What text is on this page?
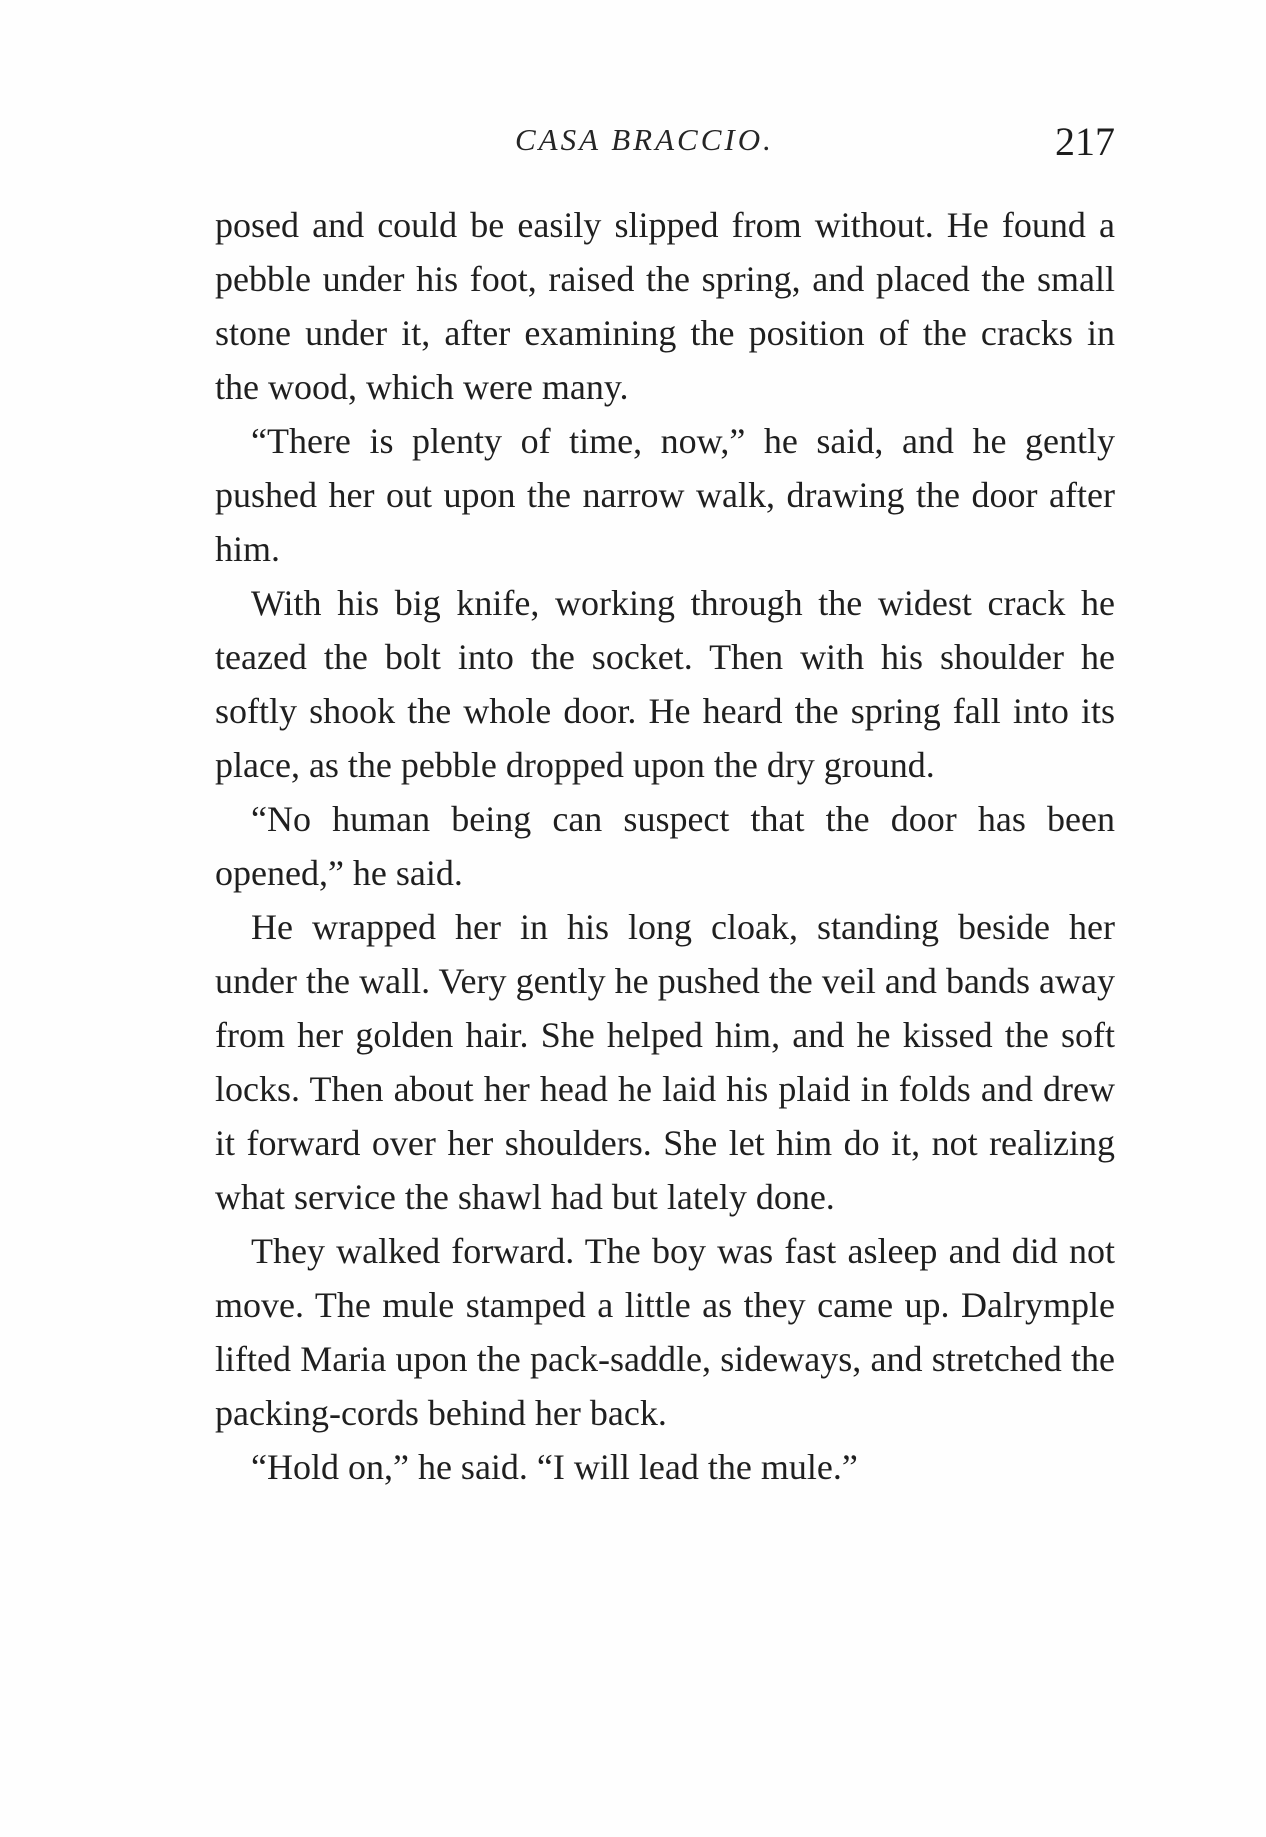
CASA BRACCIO.	217

posed and could be easily slipped from without. He found a pebble under his foot, raised the spring, and placed the small stone under it, after examining the position of the cracks in the wood, which were many.

“There is plenty of time, now,” he said, and he gently pushed her out upon the narrow walk, drawing the door after him.

With his big knife, working through the widest crack he teazed the bolt into the socket. Then with his shoulder he softly shook the whole door. He heard the spring fall into its place, as the pebble dropped upon the dry ground.

“No human being can suspect that the door has been opened,” he said.

He wrapped her in his long cloak, standing beside her under the wall. Very gently he pushed the veil and bands away from her golden hair. She helped him, and he kissed the soft locks. Then about her head he laid his plaid in folds and drew it forward over her shoulders. She let him do it, not realizing what service the shawl had but lately done.

They walked forward. The boy was fast asleep and did not move. The mule stamped a little as they came up. Dalrymple lifted Maria upon the pack-saddle, sideways, and stretched the packing-cords behind her back.

“Hold on,” he said. “I will lead the mule.”
